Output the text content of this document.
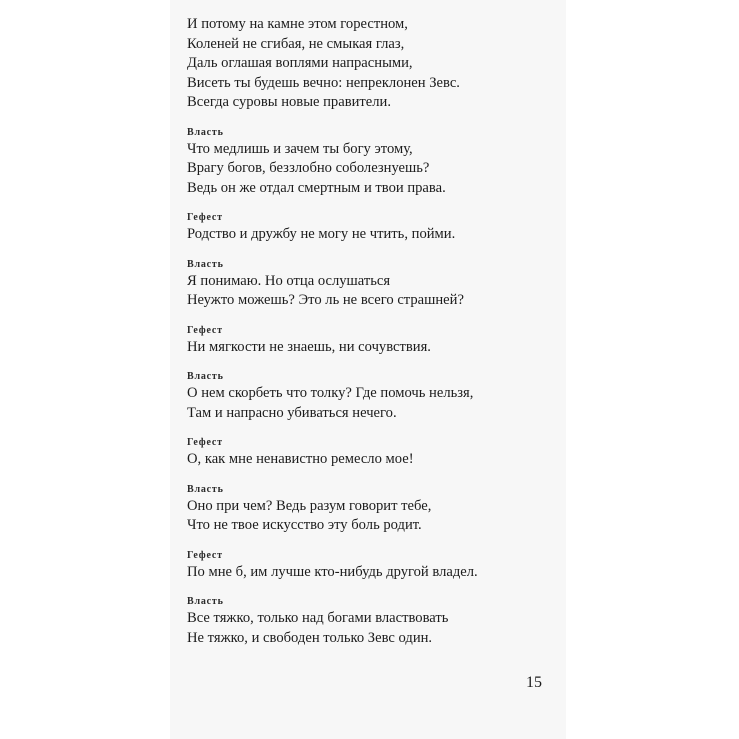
И потому на камне этом горестном,
Коленей не сгибая, не смыкая глаз,
Даль оглашая воплями напрасными,
Висеть ты будешь вечно: непреклонен Зевс.
Всегда суровы новые правители.
Власть
Что медлишь и зачем ты богу этому,
Врагу богов, беззлобно соболезнуешь?
Ведь он же отдал смертным и твои права.
Гефест
Родство и дружбу не могу не чтить, пойми.
Власть
Я понимаю. Но отца ослушаться
Неужто можешь? Это ль не всего страшней?
Гефест
Ни мягкости не знаешь, ни сочувствия.
Власть
О нем скорбеть что толку? Где помочь нельзя,
Там и напрасно убиваться нечего.
Гефест
О, как мне ненавистно ремесло мое!
Власть
Оно при чем? Ведь разум говорит тебе,
Что не твое искусство эту боль родит.
Гефест
По мне б, им лучше кто-нибудь другой владел.
Власть
Все тяжко, только над богами властвовать
Не тяжко, и свободен только Зевс один.
15
